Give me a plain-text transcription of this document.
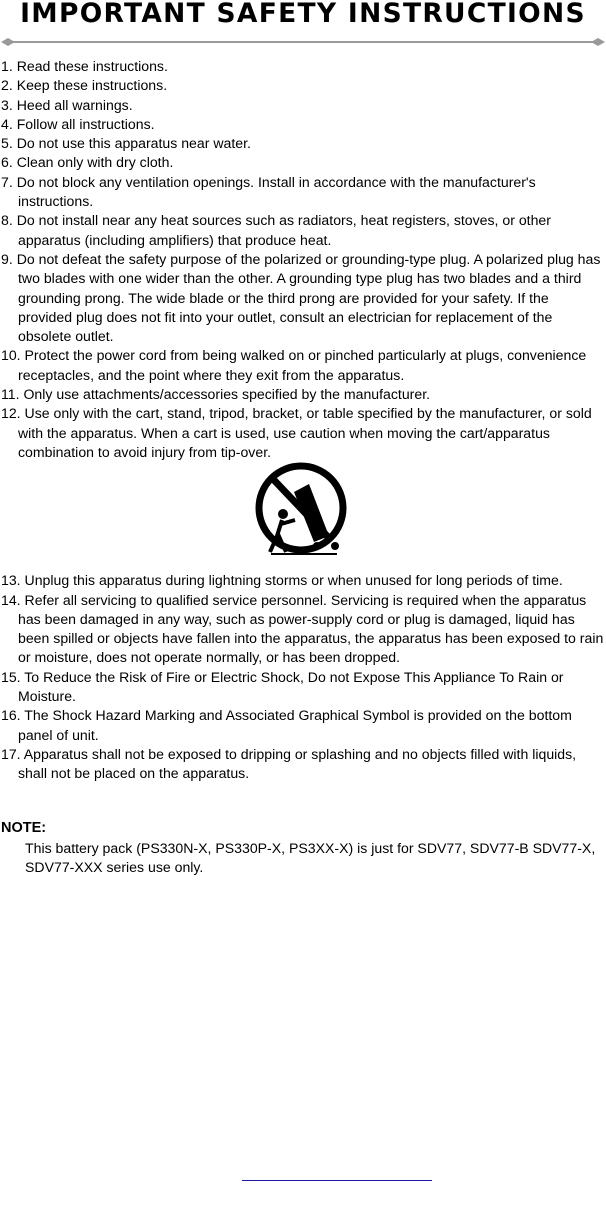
IMPORTANT SAFETY INSTRUCTIONS
1. Read these instructions.
2. Keep these instructions.
3. Heed all warnings.
4. Follow all instructions.
5. Do not use this apparatus near water.
6. Clean only with dry cloth.
7. Do not block any ventilation openings. Install in accordance with the manufacturer's instructions.
8. Do not install near any heat sources such as radiators, heat registers, stoves, or other apparatus (including amplifiers) that produce heat.
9. Do not defeat the safety purpose of the polarized or grounding-type plug. A polarized plug has two blades with one wider than the other. A grounding type plug has two blades and a third grounding prong. The wide blade or the third prong are provided for your safety. If the provided plug does not fit into your outlet, consult an electrician for replacement of the obsolete outlet.
10. Protect the power cord from being walked on or pinched particularly at plugs, convenience receptacles, and the point where they exit from the apparatus.
11. Only use attachments/accessories specified by the manufacturer.
12. Use only with the cart, stand, tripod, bracket, or table specified by the manufacturer, or sold with the apparatus. When a cart is used, use caution when moving the cart/apparatus combination to avoid injury from tip-over.
13. Unplug this apparatus during lightning storms or when unused for long periods of time.
14. Refer all servicing to qualified service personnel. Servicing is required when the apparatus has been damaged in any way, such as power-supply cord or plug is damaged, liquid has been spilled or objects have fallen into the apparatus, the apparatus has been exposed to rain or moisture, does not operate normally, or has been dropped.
15. To Reduce the Risk of Fire or Electric Shock, Do not Expose This Appliance To Rain or Moisture.
16. The Shock Hazard Marking and Associated Graphical Symbol is provided on the bottom panel of unit.
17. Apparatus shall not be exposed to dripping or splashing and no objects filled with liquids, shall not be placed on the apparatus.
NOTE:
This battery pack (PS330N-X, PS330P-X, PS3XX-X) is just for SDV77, SDV77-B SDV77-X, SDV77-XXX series use only.
